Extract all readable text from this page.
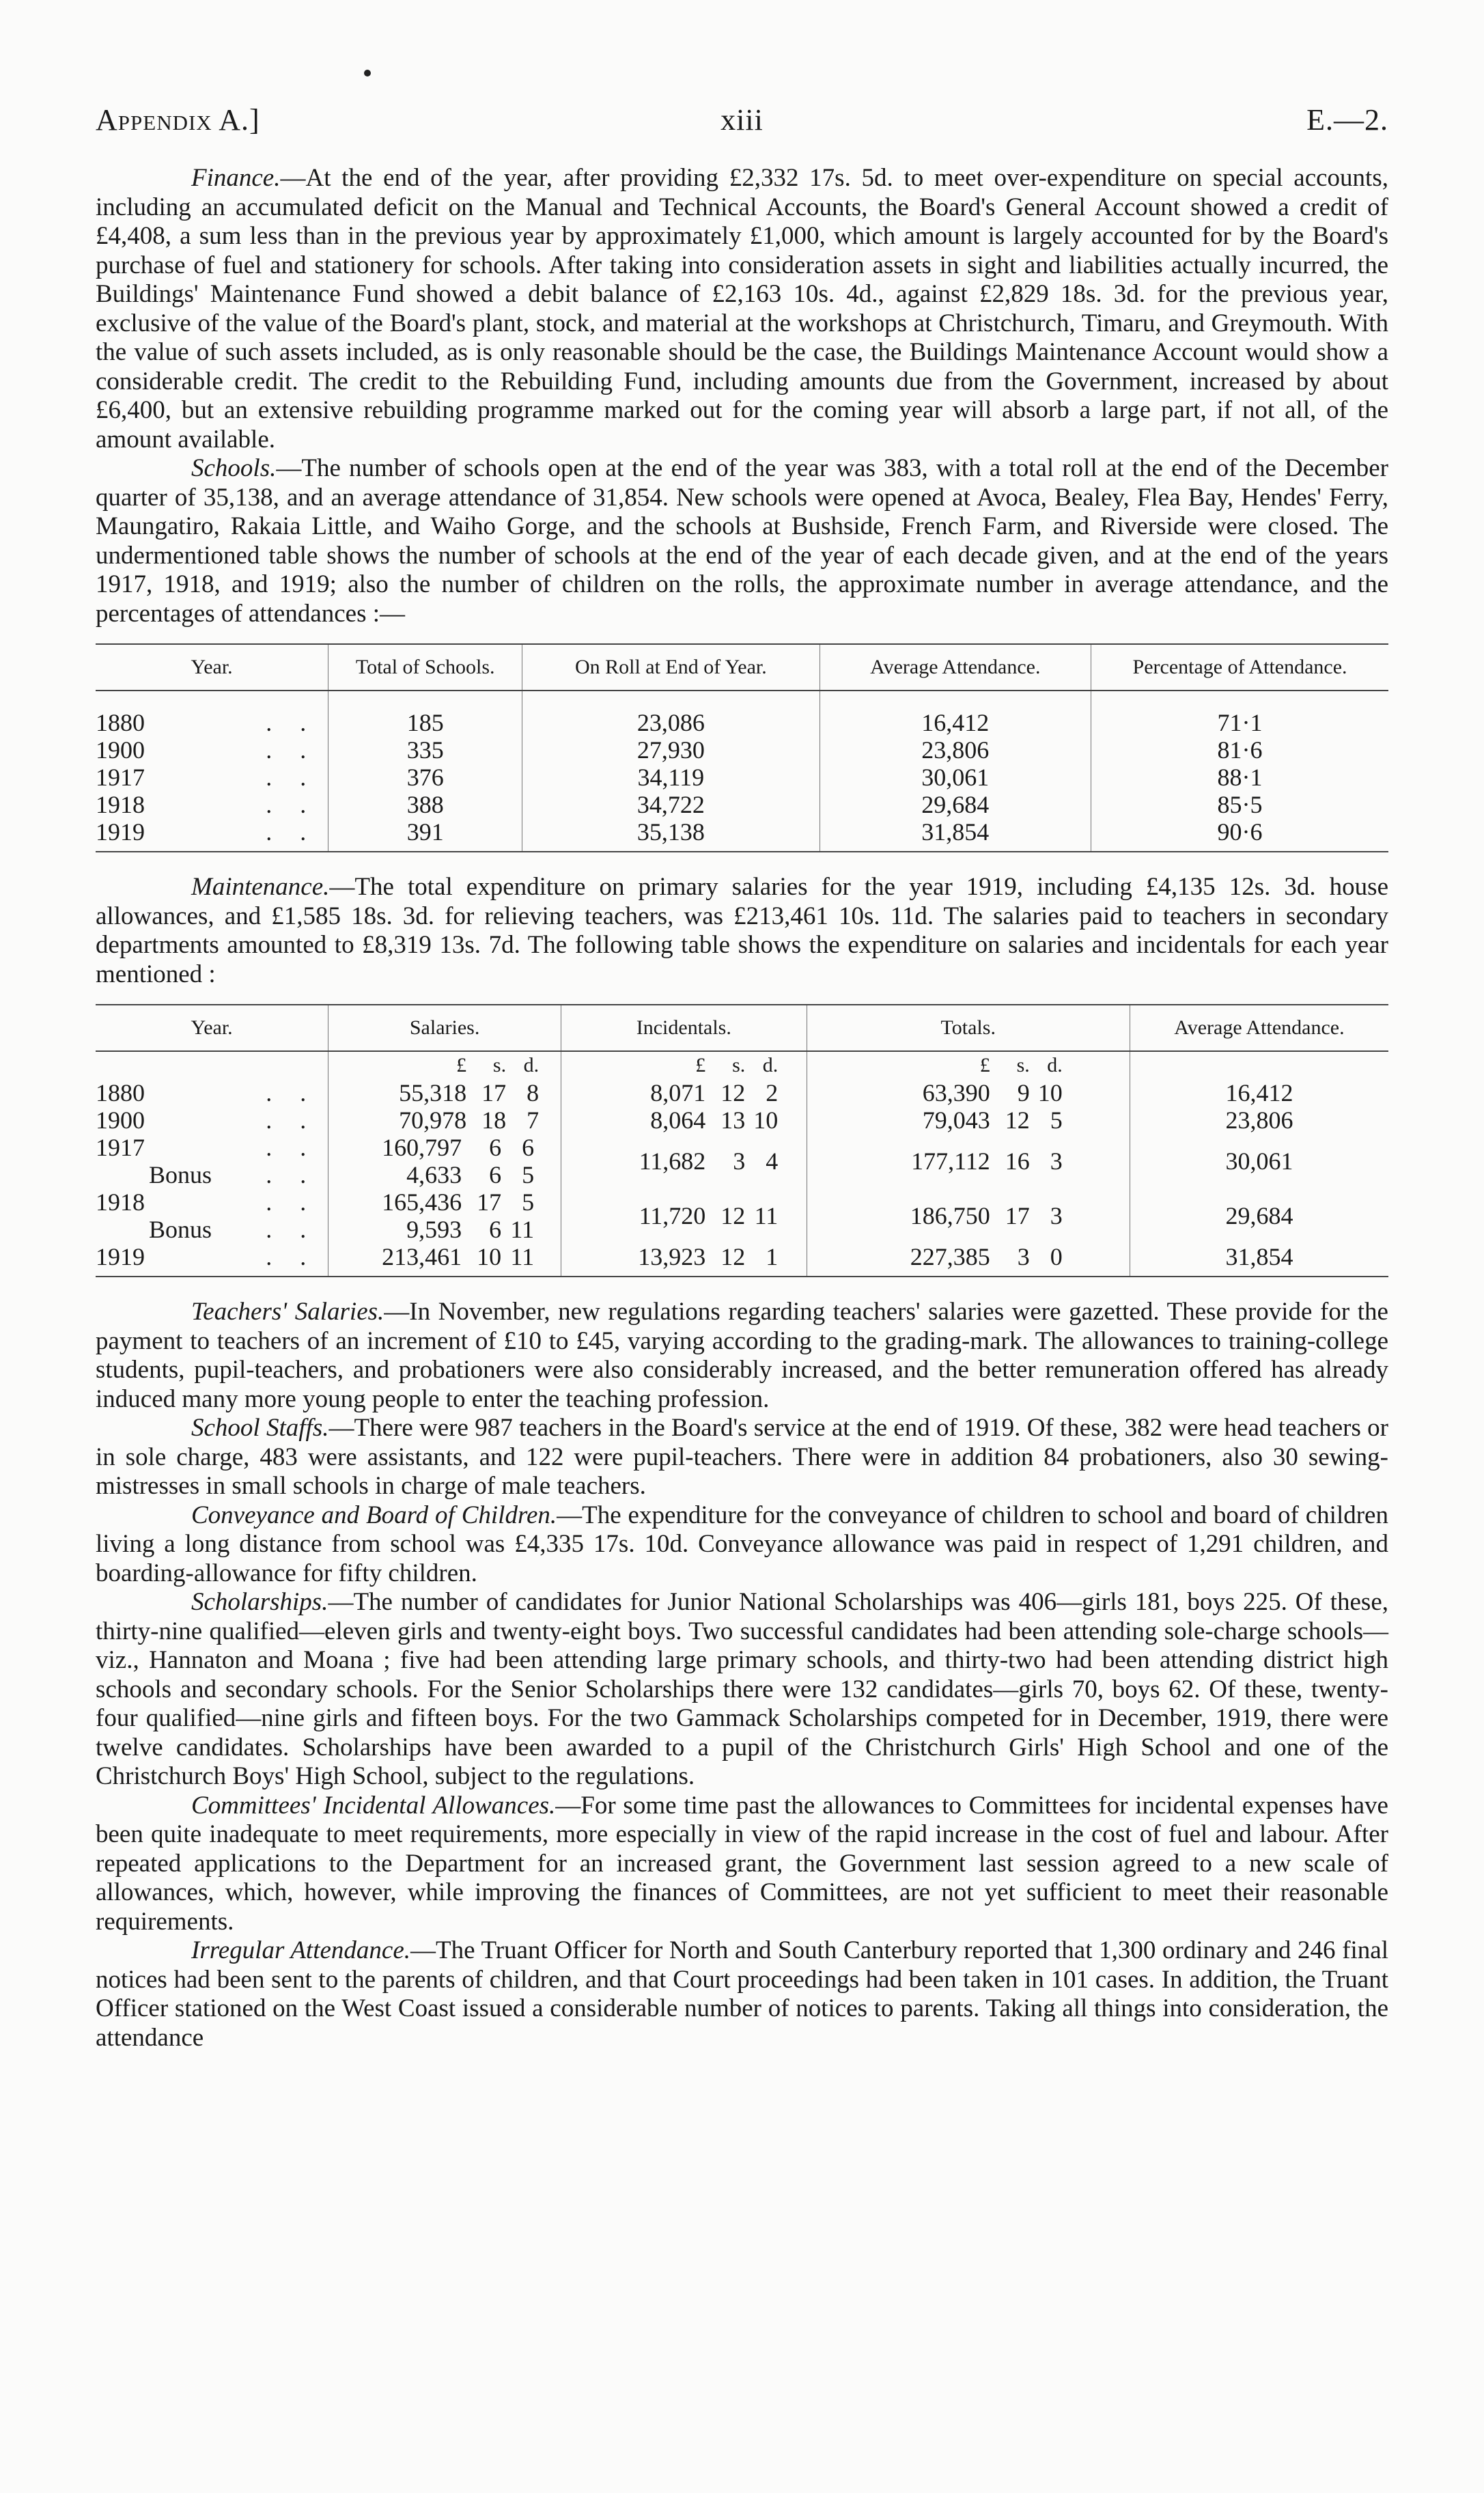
Appendix A.]	xiii	E.—2.

Finance.—At the end of the year, after providing £2,332 17s. 5d. to meet over-expenditure on special accounts, including an accumulated deficit on the Manual and Technical Accounts, the Board's General Account showed a credit of £4,408, a sum less than in the previous year by approximately £1,000, which amount is largely accounted for by the Board's purchase of fuel and stationery for schools. After taking into consideration assets in sight and liabilities actually incurred, the Buildings' Maintenance Fund showed a debit balance of £2,163 10s. 4d., against £2,829 18s. 3d. for the previous year, exclusive of the value of the Board's plant, stock, and material at the workshops at Christchurch, Timaru, and Greymouth. With the value of such assets included, as is only reasonable should be the case, the Buildings Maintenance Account would show a considerable credit. The credit to the Rebuilding Fund, including amounts due from the Government, increased by about £6,400, but an extensive rebuilding programme marked out for the coming year will absorb a large part, if not all, of the amount available.

Schools.—The number of schools open at the end of the year was 383, with a total roll at the end of the December quarter of 35,138, and an average attendance of 31,854. New schools were opened at Avoca, Bealey, Flea Bay, Hendes' Ferry, Maungatiro, Rakaia Little, and Waiho Gorge, and the schools at Bushside, French Farm, and Riverside were closed. The undermentioned table shows the number of schools at the end of the year of each decade given, and at the end of the years 1917, 1918, and 1919; also the number of children on the rolls, the approximate number in average attendance, and the percentages of attendances :—

Year.	Total of Schools.	On Roll at End of Year.	Average Attendance.	Percentage of Attendance.

1880 . .	185	23,086	16,412	71·1
1900 . .	335	27,930	23,806	81·6
1917 . .	376	34,119	30,061	88·1
1918 . .	388	34,722	29,684	85·5
1919 . .	391	35,138	31,854	90·6

Maintenance.—The total expenditure on primary salaries for the year 1919, including £4,135 12s. 3d. house allowances, and £1,585 18s. 3d. for relieving teachers, was £213,461 10s. 11d. The salaries paid to teachers in secondary departments amounted to £8,319 13s. 7d. The following table shows the expenditure on salaries and incidentals for each year mentioned :

Year.	Salaries.	Incidentals.	Totals.	Average Attendance.
	£ s. d.	£ s. d.	£ s. d.	
1880 . .	55,318 17 8	8,071 12 2	63,390 9 10	16,412
1900 . .	70,978 18 7	8,064 13 10	79,043 12 5	23,806
1917 . .	160,797 6 6	11,682 3 4	177,112 16 3	30,061
Bonus . .	4,633 6 5			
1918 . .	165,436 17 5	11,720 12 11	186,750 17 3	29,684
Bonus . .	9,593 6 11			
1919 . .	213,461 10 11	13,923 12 1	227,385 3 0	31,854

Teachers' Salaries.—In November, new regulations regarding teachers' salaries were gazetted. These provide for the payment to teachers of an increment of £10 to £45, varying according to the grading-mark. The allowances to training-college students, pupil-teachers, and probationers were also considerably increased, and the better remuneration offered has already induced many more young people to enter the teaching profession.

School Staffs.—There were 987 teachers in the Board's service at the end of 1919. Of these, 382 were head teachers or in sole charge, 483 were assistants, and 122 were pupil-teachers. There were in addition 84 probationers, also 30 sewing-mistresses in small schools in charge of male teachers.

Conveyance and Board of Children.—The expenditure for the conveyance of children to school and board of children living a long distance from school was £4,335 17s. 10d. Conveyance allowance was paid in respect of 1,291 children, and boarding-allowance for fifty children.

Scholarships.—The number of candidates for Junior National Scholarships was 406—girls 181, boys 225. Of these, thirty-nine qualified—eleven girls and twenty-eight boys. Two successful candidates had been attending sole-charge schools—viz., Hannaton and Moana ; five had been attending large primary schools, and thirty-two had been attending district high schools and secondary schools. For the Senior Scholarships there were 132 candidates—girls 70, boys 62. Of these, twenty-four qualified—nine girls and fifteen boys. For the two Gammack Scholarships competed for in December, 1919, there were twelve candidates. Scholarships have been awarded to a pupil of the Christchurch Girls' High School and one of the Christchurch Boys' High School, subject to the regulations.

Committees' Incidental Allowances.—For some time past the allowances to Committees for incidental expenses have been quite inadequate to meet requirements, more especially in view of the rapid increase in the cost of fuel and labour. After repeated applications to the Department for an increased grant, the Government last session agreed to a new scale of allowances, which, however, while improving the finances of Committees, are not yet sufficient to meet their reasonable requirements.

Irregular Attendance.—The Truant Officer for North and South Canterbury reported that 1,300 ordinary and 246 final notices had been sent to the parents of children, and that Court proceedings had been taken in 101 cases. In addition, the Truant Officer stationed on the West Coast issued a considerable number of notices to parents. Taking all things into consideration, the attendance
